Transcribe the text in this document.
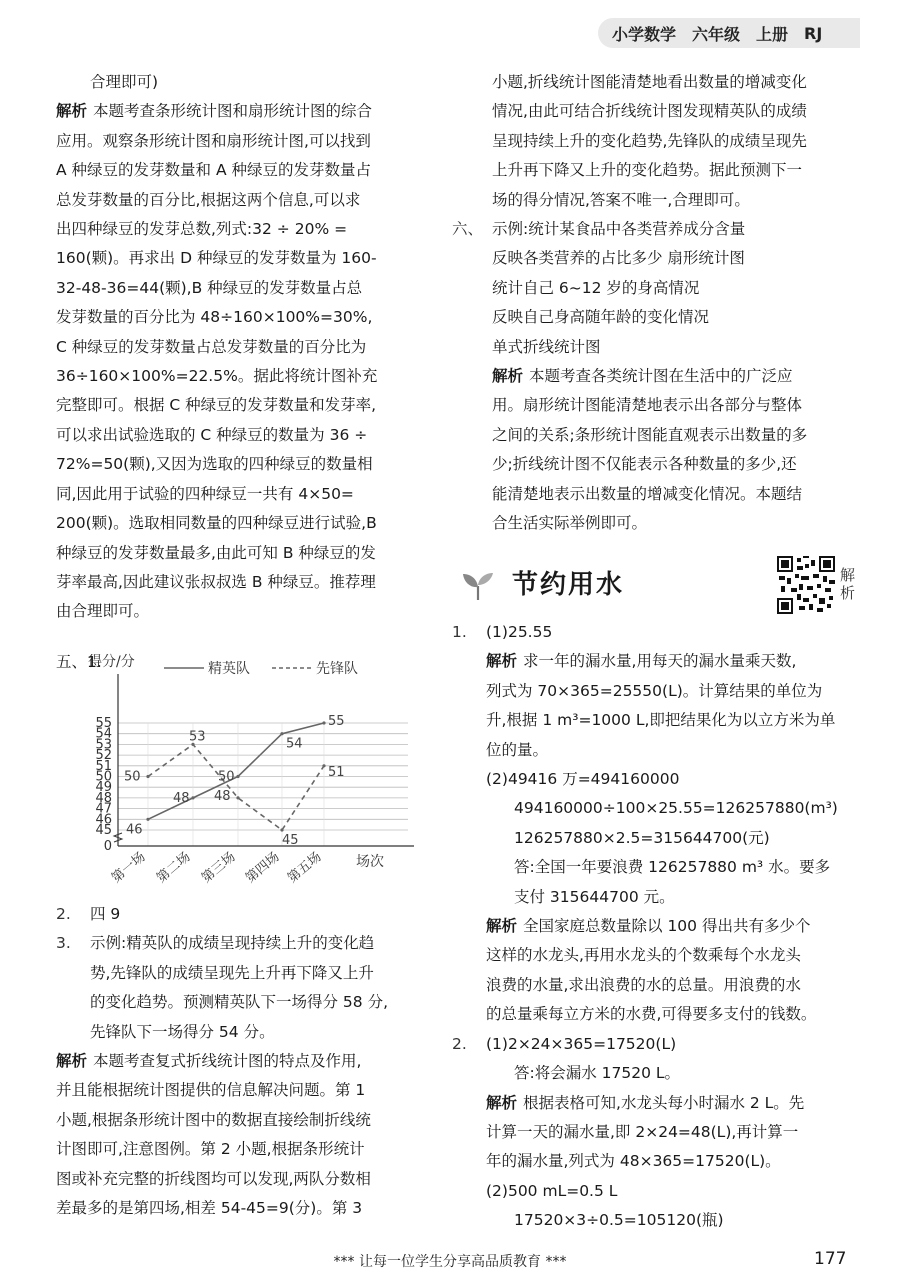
小学数学 六年级 上册 RJ

合理即可)

解析 本题考查条形统计图和扇形统计图的综合

应用。观察条形统计图和扇形统计图,可以找到

A 种绿豆的发芽数量和 A 种绿豆的发芽数量占

总发芽数量的百分比,根据这两个信息,可以求

出四种绿豆的发芽总数,列式:32 ÷ 20% =

160(颗)。再求出 D 种绿豆的发芽数量为 160-

32-48-36=44(颗),B 种绿豆的发芽数量占总

发芽数量的百分比为 48÷160×100%=30%,

C 种绿豆的发芽数量占总发芽数量的百分比为

36÷160×100%=22.5%。据此将统计图补充

完整即可。根据 C 种绿豆的发芽数量和发芽率,

可以求出试验选取的 C 种绿豆的数量为 36 ÷

72%=50(颗),又因为选取的四种绿豆的数量相

同,因此用于试验的四种绿豆一共有 4×50=

200(颗)。选取相同数量的四种绿豆进行试验,B

种绿豆的发芽数量最多,由此可知 B 种绿豆的发

芽率最高,因此建议张叔叔选 B 种绿豆。推荐理

由合理即可。

五、1.
0
45
46
47
48
49
50
51
52
53
54
55
得分/分
场次
第一场 第二场 第三场 第四场 第五场
精英队	先锋队
46
48
50
54
55
50
53
48
45
51

2. 四 9

3. 示例:精英队的成绩呈现持续上升的变化趋

势,先锋队的成绩呈现先上升再下降又上升

的变化趋势。预测精英队下一场得分 58 分,

先锋队下一场得分 54 分。

解析 本题考查复式折线统计图的特点及作用,

并且能根据统计图提供的信息解决问题。第 1

小题,根据条形统计图中的数据直接绘制折线统

计图即可,注意图例。第 2 小题,根据条形统计

图或补充完整的折线图均可以发现,两队分数相

差最多的是第四场,相差 54-45=9(分)。第 3

小题,折线统计图能清楚地看出数量的增减变化

情况,由此可结合折线统计图发现精英队的成绩

呈现持续上升的变化趋势,先锋队的成绩呈现先

上升再下降又上升的变化趋势。据此预测下一

场的得分情况,答案不唯一,合理即可。

六、 示例:统计某食品中各类营养成分含量

反映各类营养的占比多少 扇形统计图

统计自己 6~12 岁的身高情况

反映自己身高随年龄的变化情况

单式折线统计图

解析 本题考查各类统计图在生活中的广泛应

用。扇形统计图能清楚地表示出各部分与整体

之间的关系;条形统计图能直观表示出数量的多

少;折线统计图不仅能表示各种数量的多少,还

能清楚地表示出数量的增减变化情况。本题结

合生活实际举例即可。

节约用水	解析

1. (1)25.55

解析 求一年的漏水量,用每天的漏水量乘天数,

列式为 70×365=25550(L)。计算结果的单位为

升,根据 1 m³=1000 L,即把结果化为以立方米为单

位的量。

(2)49416 万=494160000

494160000÷100×25.55=126257880(m³)

126257880×2.5=315644700(元)

答:全国一年要浪费 126257880 m³ 水。要多

支付 315644700 元。

解析 全国家庭总数量除以 100 得出共有多少个

这样的水龙头,再用水龙头的个数乘每个水龙头

浪费的水量,求出浪费的水的总量。用浪费的水

的总量乘每立方米的水费,可得要多支付的钱数。

2. (1)2×24×365=17520(L)

答:将会漏水 17520 L。

解析 根据表格可知,水龙头每小时漏水 2 L。先

计算一天的漏水量,即 2×24=48(L),再计算一

年的漏水量,列式为 48×365=17520(L)。

(2)500 mL=0.5 L

17520×3÷0.5=105120(瓶)

*** 让每一位学生分享高品质教育 ***	177
